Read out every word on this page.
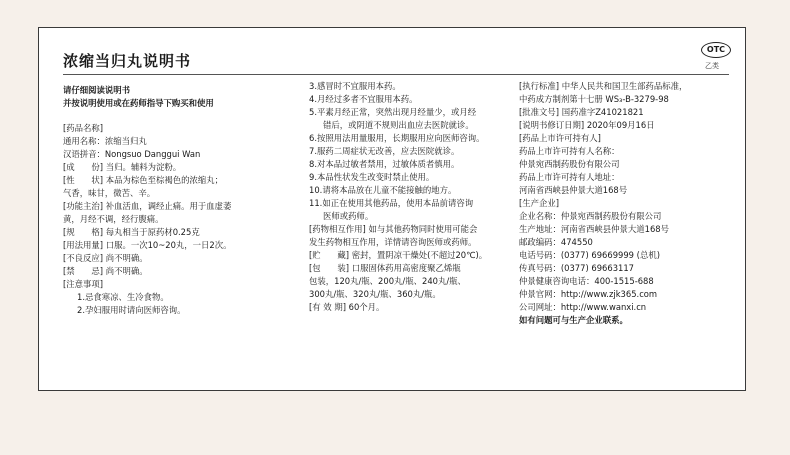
浓缩当归丸说明书
OTC
乙类
请仔细阅读说明书
并按说明使用或在药师指导下购买和使用
[药品名称]
通用名称：浓缩当归丸
汉语拼音：Nongsuo Danggui Wan
[成　　份] 当归。辅料为淀粉。
[性　　状] 本品为棕色至棕褐色的浓缩丸；
气香，味甘，微苦、辛。
[功能主治] 补血活血，调经止痛。用于血虚萎
黄，月经不调，经行腹痛。
[规　　格] 每丸相当于原药材0.25克
[用法用量] 口服。一次10~20丸，一日2次。
[不良反应] 尚不明确。
[禁　　忌] 尚不明确。
[注意事项]
1.忌食寒凉、生冷食物。
2.孕妇服用时请向医师咨询。
3.感冒时不宜服用本药。
4.月经过多者不宜服用本药。
5.平素月经正常，突然出现月经量少，或月经
错后，或阴道不规则出血应去医院就诊。
6.按照用法用量服用，长期服用应向医师咨询。
7.服药二周症状无改善，应去医院就诊。
8.对本品过敏者禁用，过敏体质者慎用。
9.本品性状发生改变时禁止使用。
10.请将本品放在儿童不能接触的地方。
11.如正在使用其他药品，使用本品前请咨询
医师或药师。
[药物相互作用] 如与其他药物同时使用可能会
发生药物相互作用，详情请咨询医师或药师。
[贮　　藏] 密封，置阴凉干燥处(不超过20℃)。
[包　　装] 口服固体药用高密度聚乙烯瓶
包装，120丸/瓶、200丸/瓶、240丸/瓶、
300丸/瓶、320丸/瓶、360丸/瓶。
[有 效 期] 60个月。
[执行标准] 中华人民共和国卫生部药品标准，
中药成方制剂第十七册 WS₃-B-3279-98
[批准文号] 国药准字Z41021821
[说明书修订日期] 2020年09月16日
[药品上市许可持有人]
药品上市许可持有人名称：
仲景宛西制药股份有限公司
药品上市许可持有人地址：
河南省西峡县仲景大道168号
[生产企业]
企业名称：仲景宛西制药股份有限公司
生产地址：河南省西峡县仲景大道168号
邮政编码：474550
电话号码：(0377) 69669999 (总机)
传真号码：(0377) 69663117
仲景健康咨询电话：400-1515-688
仲景官网：http://www.zjk365.com
公司网址：http://www.wanxi.cn
如有问题可与生产企业联系。
